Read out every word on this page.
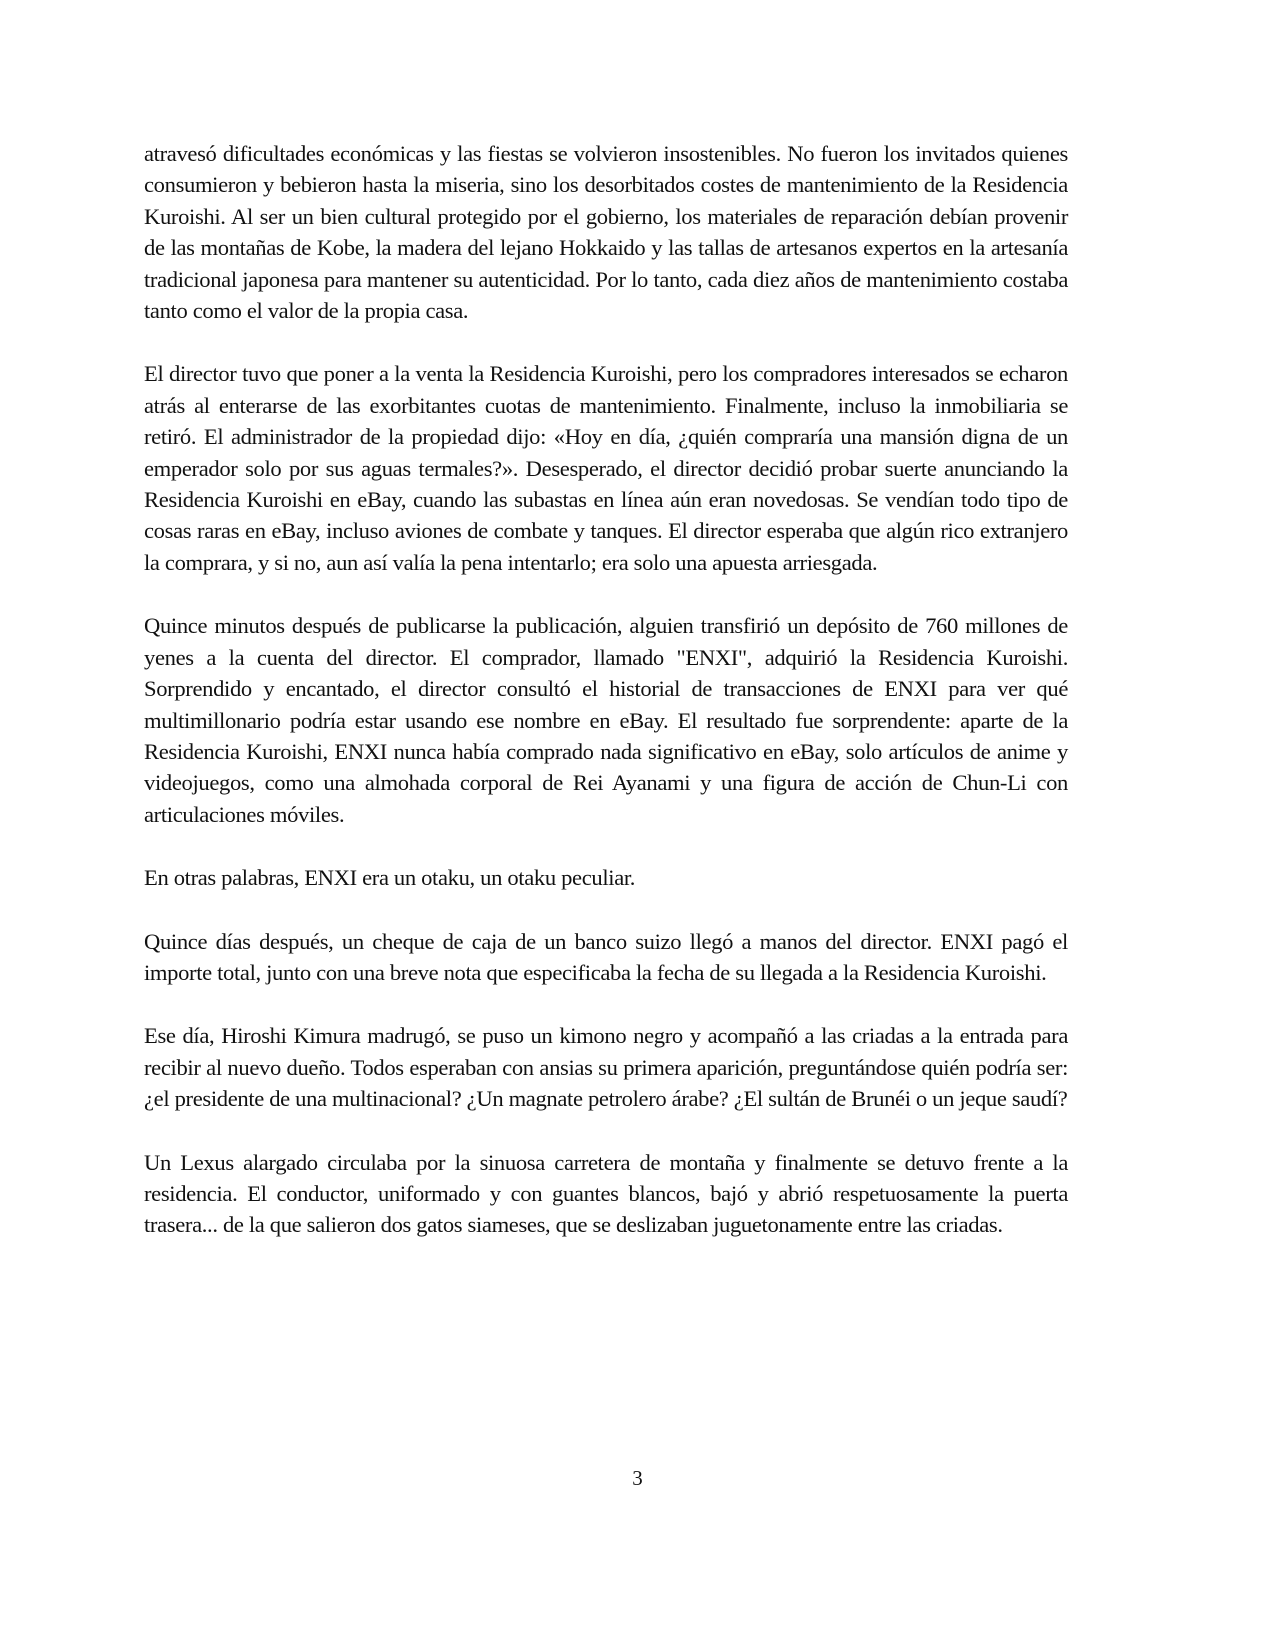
atravesó dificultades económicas y las fiestas se volvieron insostenibles. No fueron los invitados quienes consumieron y bebieron hasta la miseria, sino los desorbitados costes de mantenimiento de la Residencia Kuroishi. Al ser un bien cultural protegido por el gobierno, los materiales de reparación debían provenir de las montañas de Kobe, la madera del lejano Hokkaido y las tallas de artesanos expertos en la artesanía tradicional japonesa para mantener su autenticidad. Por lo tanto, cada diez años de mantenimiento costaba tanto como el valor de la propia casa.

El director tuvo que poner a la venta la Residencia Kuroishi, pero los compradores interesados se echaron atrás al enterarse de las exorbitantes cuotas de mantenimiento. Finalmente, incluso la inmobiliaria se retiró. El administrador de la propiedad dijo: «Hoy en día, ¿quién compraría una mansión digna de un emperador solo por sus aguas termales?». Desesperado, el director decidió probar suerte anunciando la Residencia Kuroishi en eBay, cuando las subastas en línea aún eran novedosas. Se vendían todo tipo de cosas raras en eBay, incluso aviones de combate y tanques. El director esperaba que algún rico extranjero la comprara, y si no, aun así valía la pena intentarlo; era solo una apuesta arriesgada.

Quince minutos después de publicarse la publicación, alguien transfirió un depósito de 760 millones de yenes a la cuenta del director. El comprador, llamado "ENXI", adquirió la Residencia Kuroishi. Sorprendido y encantado, el director consultó el historial de transacciones de ENXI para ver qué multimillonario podría estar usando ese nombre en eBay. El resultado fue sorprendente: aparte de la Residencia Kuroishi, ENXI nunca había comprado nada significativo en eBay, solo artículos de anime y videojuegos, como una almohada corporal de Rei Ayanami y una figura de acción de Chun-Li con articulaciones móviles.

En otras palabras, ENXI era un otaku, un otaku peculiar.

Quince días después, un cheque de caja de un banco suizo llegó a manos del director. ENXI pagó el importe total, junto con una breve nota que especificaba la fecha de su llegada a la Residencia Kuroishi.

Ese día, Hiroshi Kimura madrugó, se puso un kimono negro y acompañó a las criadas a la entrada para recibir al nuevo dueño. Todos esperaban con ansias su primera aparición, preguntándose quién podría ser: ¿el presidente de una multinacional? ¿Un magnate petrolero árabe? ¿El sultán de Brunéi o un jeque saudí?

Un Lexus alargado circulaba por la sinuosa carretera de montaña y finalmente se detuvo frente a la residencia. El conductor, uniformado y con guantes blancos, bajó y abrió respetuosamente la puerta trasera... de la que salieron dos gatos siameses, que se deslizaban juguetonamente entre las criadas.

3
